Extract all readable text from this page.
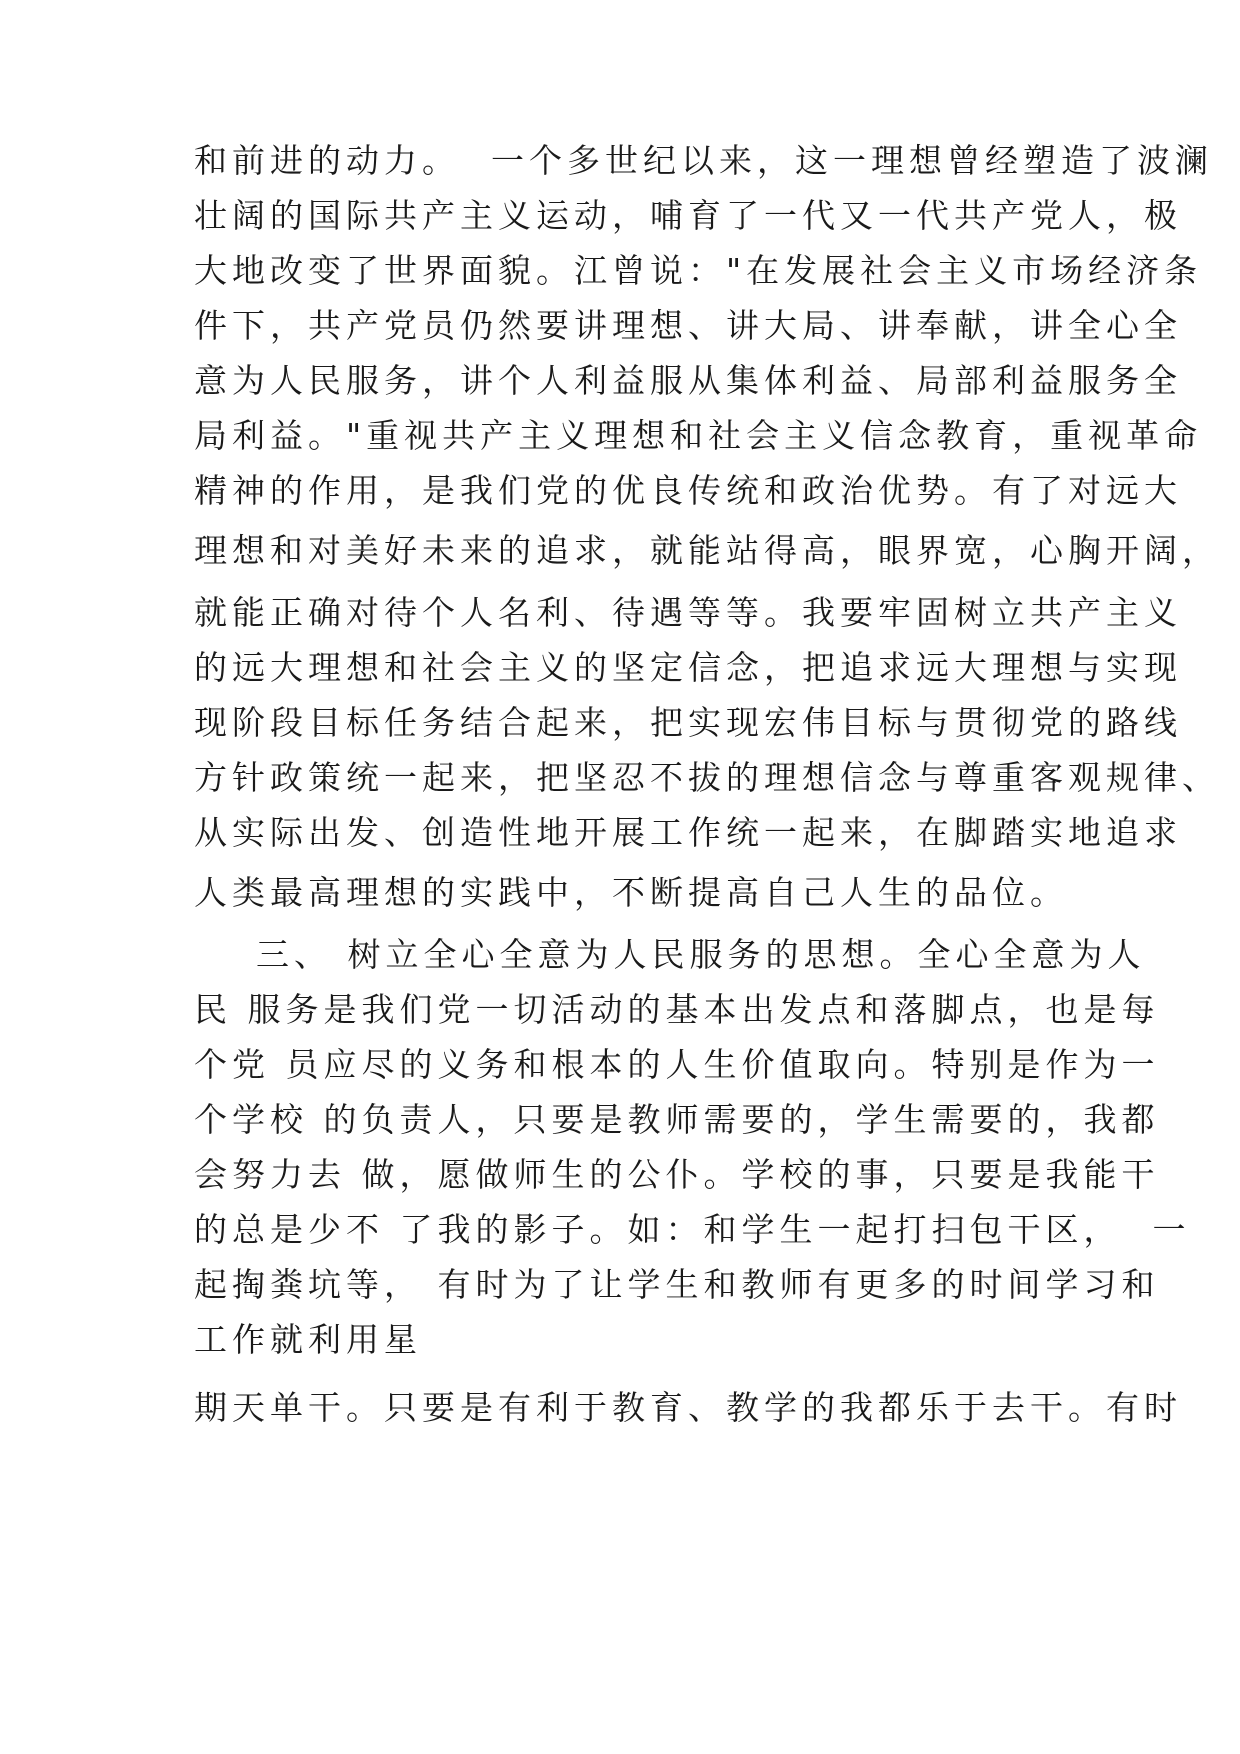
和前进的动力。  一个多世纪以来，这一理想曾经塑造了波澜
壮阔的国际共产主义运动，哺育了一代又一代共产党人，极
大地改变了世界面貌。江曾说："在发展社会主义市场经济条
件下，共产党员仍然要讲理想、讲大局、讲奉献，讲全心全
意为人民服务，讲个人利益服从集体利益、局部利益服务全
局利益。"重视共产主义理想和社会主义信念教育，重视革命
精神的作用，是我们党的优良传统和政治优势。有了对远大
理想和对美好未来的追求，就能站得高，眼界宽，心胸开阔，
就能正确对待个人名利、待遇等等。我要牢固树立共产主义
的远大理想和社会主义的坚定信念，把追求远大理想与实现
现阶段目标任务结合起来，把实现宏伟目标与贯彻党的路线
方针政策统一起来，把坚忍不拔的理想信念与尊重客观规律、
从实际出发、创造性地开展工作统一起来，在脚踏实地追求
人类最高理想的实践中，不断提高自己人生的品位。
三、 树立全心全意为人民服务的思想。全心全意为人
民 服务是我们党一切活动的基本出发点和落脚点，也是每
个党 员应尽的义务和根本的人生价值取向。特别是作为一
个学校 的负责人，只要是教师需要的，学生需要的，我都
会努力去 做，愿做师生的公仆。学校的事，只要是我能干
的总是少不 了我的影子。如：和学生一起打扫包干区，  一
起掏粪坑等， 有时为了让学生和教师有更多的时间学习和
工作就利用星
期天单干。只要是有利于教育、教学的我都乐于去干。有时
